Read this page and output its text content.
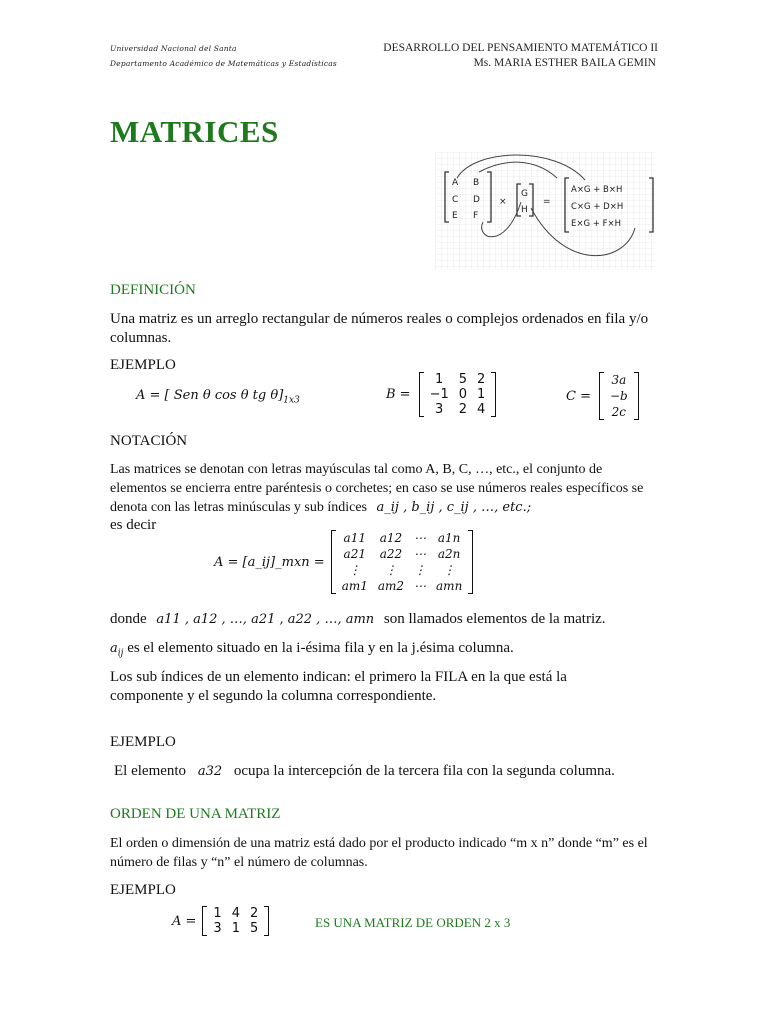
Universidad Nacional del Santa
Departamento Académico de Matemáticas y Estadísticas
DESARROLLO DEL PENSAMIENTO MATEMÁTICO II
Ms. MARIA ESTHER BAILA GEMIN
MATRICES
A B
C D
E F
×
G
H
=
A×G + B×H
C×G + D×H
E×G + F×H
DEFINICIÓN
Una matriz es un arreglo rectangular de números reales o complejos ordenados en fila y/o columnas.
EJEMPLO
A = [ Sen θ cos θ tg $\theta]_{1x3}$	B =
1	5	2
−1	0	1
3	2	4
C =
3a
−b
2c
NOTACIÓN
Las matrices se denotan con letras mayúsculas tal como A, B, C, …, etc., el conjunto de elementos se encierra entre paréntesis o corchetes; en caso se use números reales específicos se denota con las letras minúsculas y sub índices a_ij , b_ij , c_ij , …, etc.;
es decir
A = [a_ij]_mxn =
a11	a12	⋯	a1n
a21	a22	⋯	a2n
⋮	⋮	⋮	⋮
am1	am2	⋯	amn
donde a11 , a12 , …, a21 , a22 , …, amn son llamados elementos de la matriz.
$a_{ij}$ es el elemento situado en la i-ésima fila y en la j.ésima columna.
Los sub índices de un elemento indican: el primero la FILA en la que está la componente y el segundo la columna correspondiente.
EJEMPLO
El elemento a32 ocupa la intercepción de la tercera fila con la segunda columna.
ORDEN DE UNA MATRIZ
El orden o dimensión de una matriz está dado por el producto indicado “m x n” donde “m” es el número de filas y “n” el número de columnas.
EJEMPLO
A = 1	4	2
3	1	5	ES UNA MATRIZ DE ORDEN 2 x 3
